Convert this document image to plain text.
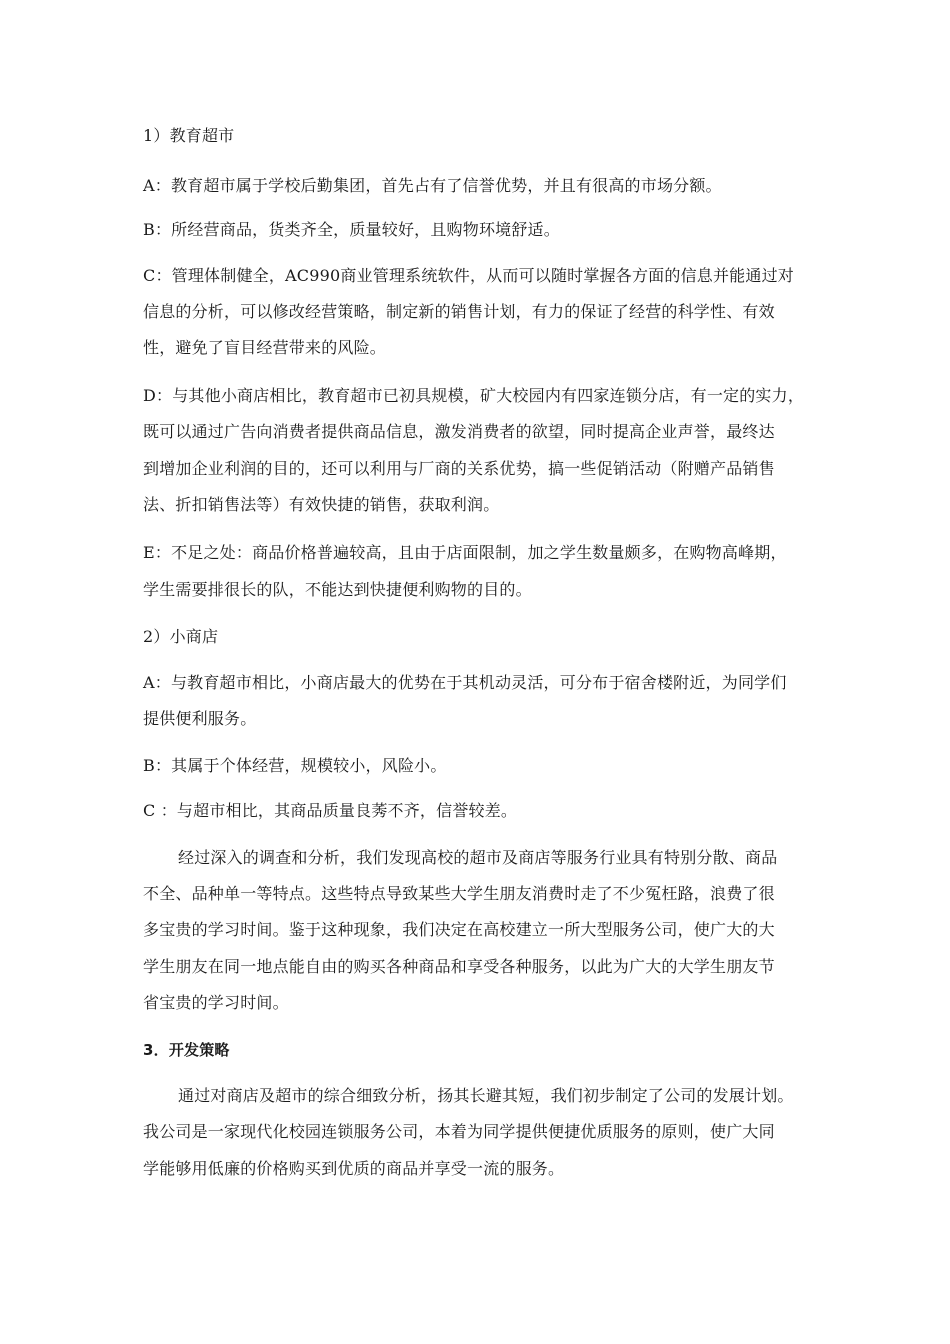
1）教育超市
A：教育超市属于学校后勤集团，首先占有了信誉优势，并且有很高的市场分额。
B：所经营商品，货类齐全，质量较好，且购物环境舒适。
C：管理体制健全，AC990商业管理系统软件，从而可以随时掌握各方面的信息并能通过对
信息的分析，可以修改经营策略，制定新的销售计划，有力的保证了经营的科学性、有效
性，避免了盲目经营带来的风险。
D：与其他小商店相比，教育超市已初具规模，矿大校园内有四家连锁分店，有一定的实力，
既可以通过广告向消费者提供商品信息，激发消费者的欲望，同时提高企业声誉，最终达
到增加企业利润的目的，还可以利用与厂商的关系优势，搞一些促销活动（附赠产品销售
法、折扣销售法等）有效快捷的销售，获取利润。
E：不足之处：商品价格普遍较高，且由于店面限制，加之学生数量颇多，在购物高峰期，
学生需要排很长的队，不能达到快捷便利购物的目的。
2）小商店
A：与教育超市相比，小商店最大的优势在于其机动灵活，可分布于宿舍楼附近，为同学们
提供便利服务。
B：其属于个体经营，规模较小，风险小。
C ：与超市相比，其商品质量良莠不齐，信誉较差。
经过深入的调查和分析，我们发现高校的超市及商店等服务行业具有特别分散、商品
不全、品种单一等特点。这些特点导致某些大学生朋友消费时走了不少冤枉路，浪费了很
多宝贵的学习时间。鉴于这种现象，我们决定在高校建立一所大型服务公司，使广大的大
学生朋友在同一地点能自由的购买各种商品和享受各种服务，以此为广大的大学生朋友节
省宝贵的学习时间。
3．开发策略
通过对商店及超市的综合细致分析，扬其长避其短，我们初步制定了公司的发展计划。
我公司是一家现代化校园连锁服务公司，本着为同学提供便捷优质服务的原则，使广大同
学能够用低廉的价格购买到优质的商品并享受一流的服务。
